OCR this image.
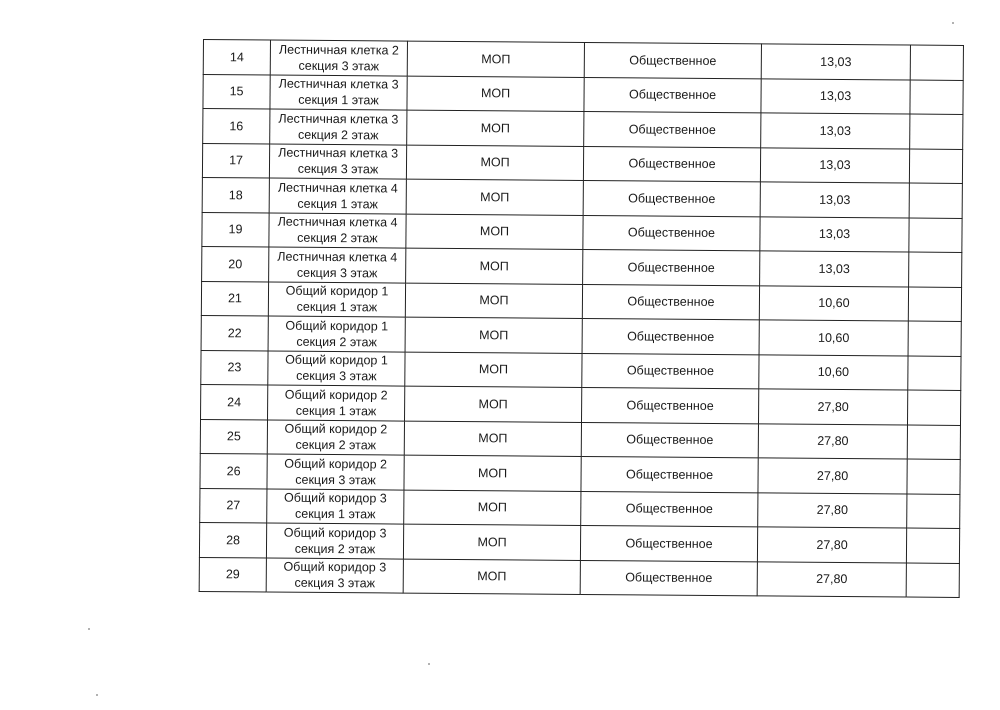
14	Лестничная клетка 2
секция 3 этаж	МОП	Общественное	13,03	
15	Лестничная клетка 3
секция 1 этаж	МОП	Общественное	13,03	
16	Лестничная клетка 3
секция 2 этаж	МОП	Общественное	13,03	
17	Лестничная клетка 3
секция 3 этаж	МОП	Общественное	13,03	
18	Лестничная клетка 4
секция 1 этаж	МОП	Общественное	13,03	
19	Лестничная клетка 4
секция 2 этаж	МОП	Общественное	13,03	
20	Лестничная клетка 4
секция 3 этаж	МОП	Общественное	13,03	
21	Общий коридор 1
секция 1 этаж	МОП	Общественное	10,60	
22	Общий коридор 1
секция 2 этаж	МОП	Общественное	10,60	
23	Общий коридор 1
секция 3 этаж	МОП	Общественное	10,60	
24	Общий коридор 2
секция 1 этаж	МОП	Общественное	27,80	
25	Общий коридор 2
секция 2 этаж	МОП	Общественное	27,80	
26	Общий коридор 2
секция 3 этаж	МОП	Общественное	27,80	
27	Общий коридор 3
секция 1 этаж	МОП	Общественное	27,80	
28	Общий коридор 3
секция 2 этаж	МОП	Общественное	27,80	
29	Общий коридор 3
секция 3 этаж	МОП	Общественное	27,80	
